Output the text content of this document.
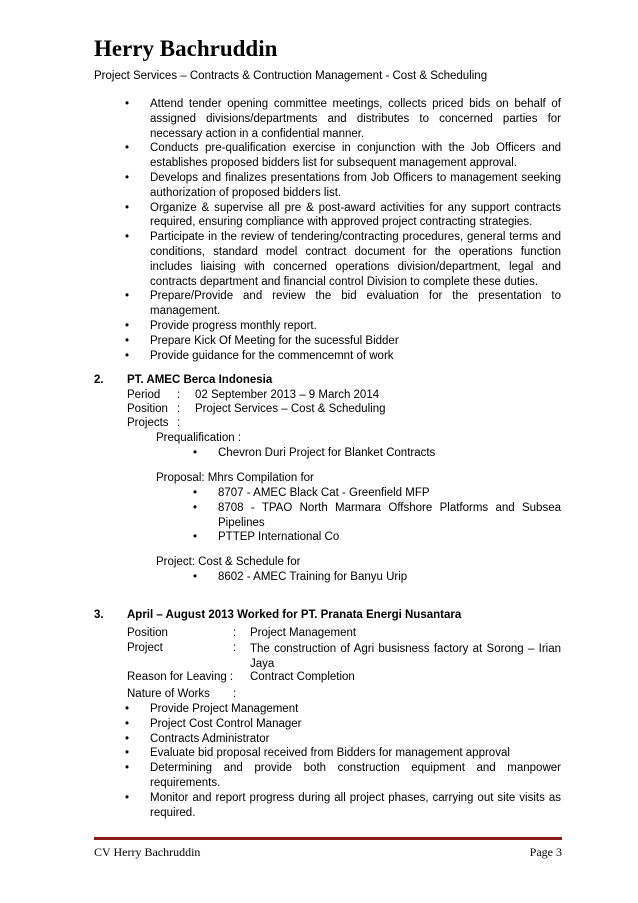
Herry Bachruddin
Project Services – Contracts & Contruction Management - Cost & Scheduling
• Attend tender opening committee meetings, collects priced bids on behalf of assigned divisions/departments and distributes to concerned parties for necessary action in a confidential manner.
• Conducts pre-qualification exercise in conjunction with the Job Officers and establishes proposed bidders list for subsequent management approval.
• Develops and finalizes presentations from Job Officers to management seeking authorization of proposed bidders list.
• Organize & supervise all pre & post-award activities for any support contracts required, ensuring compliance with approved project contracting strategies.
• Participate in the review of tendering/contracting procedures, general terms and conditions, standard model contract document for the operations function includes liaising with concerned operations division/department, legal and contracts department and financial control Division to complete these duties.
• Prepare/Provide and review the bid evaluation for the presentation to management.
• Provide progress monthly report.
• Prepare Kick Of Meeting for the sucessful Bidder
• Provide guidance for the commencemnt of work
2. PT. AMEC Berca Indonesia
Period : 02 September 2013 – 9 March 2014
Position : Project Services – Cost & Scheduling
Projects :
Prequalification :
• Chevron Duri Project for Blanket Contracts
Proposal: Mhrs Compilation for
• 8707 - AMEC Black Cat - Greenfield MFP
• 8708 - TPAO North Marmara Offshore Platforms and Subsea Pipelines
• PTTEP International Co
Project: Cost & Schedule for
• 8602 - AMEC Training for Banyu Urip
3. April – August 2013 Worked for PT. Pranata Energi Nusantara
Position	: Project Management
Project	: The construction of Agri busisness factory at Sorong – Irian Jaya
Reason for Leaving : Contract Completion
Nature of Works :
• Provide Project Management
• Project Cost Control Manager
• Contracts Administrator
• Evaluate bid proposal received from Bidders for management approval
• Determining and provide both construction equipment and manpower requirements.
• Monitor and report progress during all project phases, carrying out site visits as required.
CV Herry Bachruddin	Page 3
